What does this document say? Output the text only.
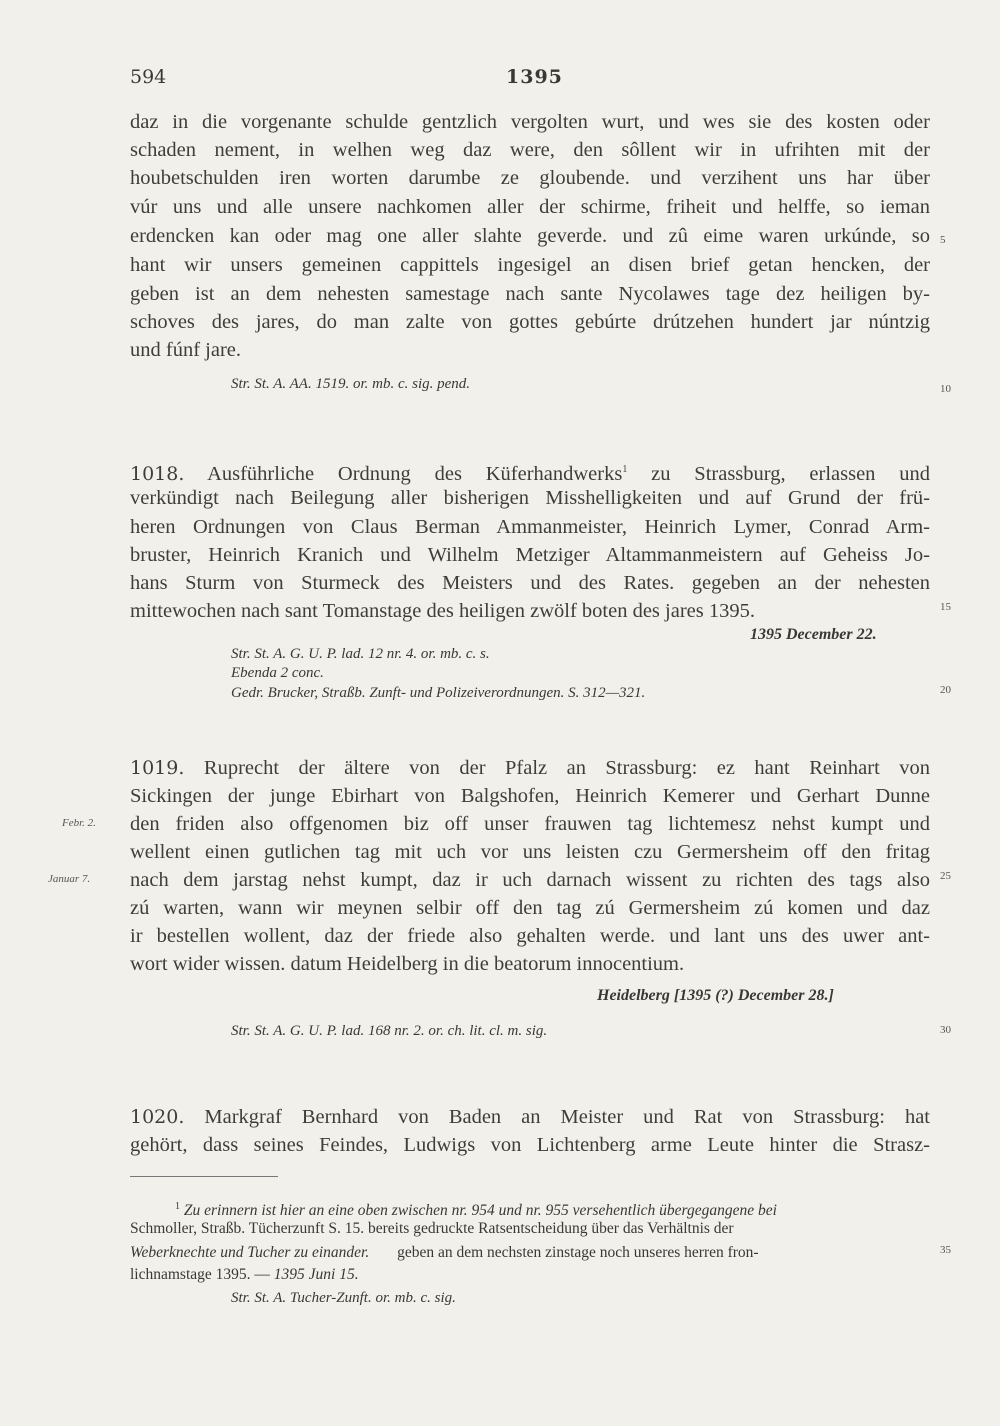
594	1395
daz in die vorgenante schulde gentzlich vergolten wurt, und wes sie des kosten oder
schaden nement, in welhen weg daz were, den sôllent wir in ufrihten mit der
houbetschulden iren worten darumbe ze gloubende. und verzihent uns har über
vúr uns und alle unsere nachkomen aller der schirme, friheit und helffe, so ieman
erdencken kan oder mag one aller slahte geverde. und zû eime waren urkúnde, so
hant wir unsers gemeinen cappittels ingesigel an disen brief getan hencken, der
geben ist an dem nehesten samestage nach sante Nycolawes tage dez heiligen by-
schoves des jares, do man zalte von gottes gebúrte drútzehen hundert jar núntzig
und fúnf jare.
Str. St. A. AA. 1519. or. mb. c. sig. pend.
1018. Ausführliche Ordnung des Küferhandwerks$^1$ zu Strassburg, erlassen und
verkündigt nach Beilegung aller bisherigen Misshelligkeiten und auf Grund der frü-
heren Ordnungen von Claus Berman Ammanmeister, Heinrich Lymer, Conrad Arm-
bruster, Heinrich Kranich und Wilhelm Metziger Altammanmeistern auf Geheiss Jo-
hans Sturm von Sturmeck des Meisters und des Rates. gegeben an der nehesten
mittewochen nach sant Tomanstage des heiligen zwölf boten des jares 1395.
1395 December 22.
Str. St. A. G. U. P. lad. 12 nr. 4. or. mb. c. s.
Ebenda 2 conc.
Gedr. Brucker, Straßb. Zunft- und Polizeiverordnungen. S. 312—321.
1019. Ruprecht der ältere von der Pfalz an Strassburg: ez hant Reinhart von
Sickingen der junge Ebirhart von Balgshofen, Heinrich Kemerer und Gerhart Dunne
den friden also offgenomen biz off unser frauwen tag lichtemesz nehst kumpt und
wellent einen gutlichen tag mit uch vor uns leisten czu Germersheim off den fritag
nach dem jarstag nehst kumpt, daz ir uch darnach wissent zu richten des tags also
zú warten, wann wir meynen selbir off den tag zú Germersheim zú komen und daz
ir bestellen wollent, daz der friede also gehalten werde. und lant uns des uwer ant-
wort wider wissen. datum Heidelberg in die beatorum innocentium.
Heidelberg [1395 (?) December 28.]
Str. St. A. G. U. P. lad. 168 nr. 2. or. ch. lit. cl. m. sig.
Febr. 2.
Januar 7.
1020. Markgraf Bernhard von Baden an Meister und Rat von Strassburg: hat
gehört, dass seines Feindes, Ludwigs von Lichtenberg arme Leute hinter die Strasz-
$^1$ Zu erinnern ist hier an eine oben zwischen nr. 954 und nr. 955 versehentlich übergegangene bei
Schmoller, Straßb. Tücherzunft S. 15. bereits gedruckte Ratsentscheidung über das Verhältnis der
Weberknechte und Tucher zu einander. geben an dem nechsten zinstage noch unseres herren fron-
lichnamstage 1395. — 1395 Juni 15.
Str. St. A. Tucher-Zunft. or. mb. c. sig.
5
10
15
20
25
30
35
